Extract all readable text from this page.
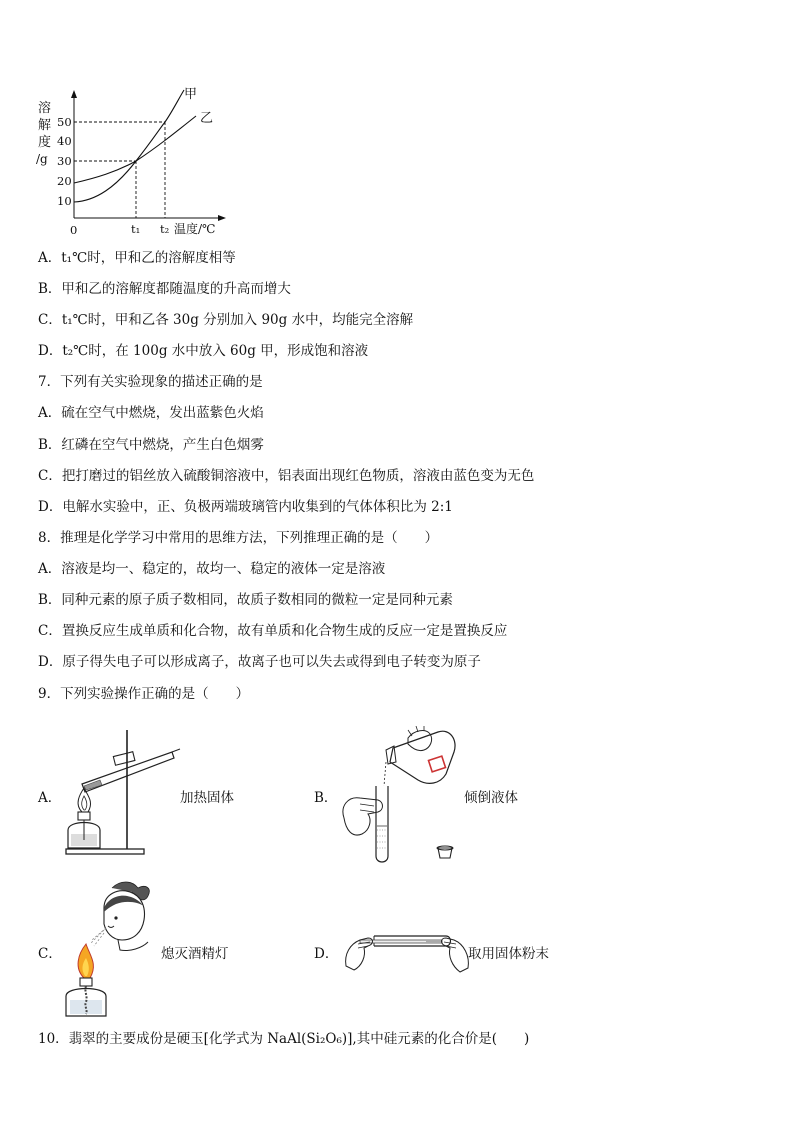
溶
解
度
/g
50
40
30
20
10
0
甲
乙
t₁ t₂ 温度/℃
A．t₁℃时，甲和乙的溶解度相等
B．甲和乙的溶解度都随温度的升高而增大
C．t₁℃时，甲和乙各 30g 分别加入 90g 水中，均能完全溶解
D．t₂℃时，在 100g 水中放入 60g 甲，形成饱和溶液
7．下列有关实验现象的描述正确的是
A．硫在空气中燃烧，发出蓝紫色火焰
B．红磷在空气中燃烧，产生白色烟雾
C．把打磨过的铝丝放入硫酸铜溶液中，铝表面出现红色物质，溶液由蓝色变为无色
D．电解水实验中，正、负极两端玻璃管内收集到的气体体积比为 2:1
8．推理是化学学习中常用的思维方法，下列推理正确的是（　　）
A．溶液是均一、稳定的，故均一、稳定的液体一定是溶液
B．同种元素的原子质子数相同，故质子数相同的微粒一定是同种元素
C．置换反应生成单质和化合物，故有单质和化合物生成的反应一定是置换反应
D．原子得失电子可以形成离子，故离子也可以失去或得到电子转变为原子
9．下列实验操作正确的是（　　）
A．	加热固体	B．	倾倒液体
C．	熄灭酒精灯	D．	取用固体粉末
10．翡翠的主要成份是硬玉[化学式为 NaAl(Si₂O₆)],其中硅元素的化合价是(　　)
